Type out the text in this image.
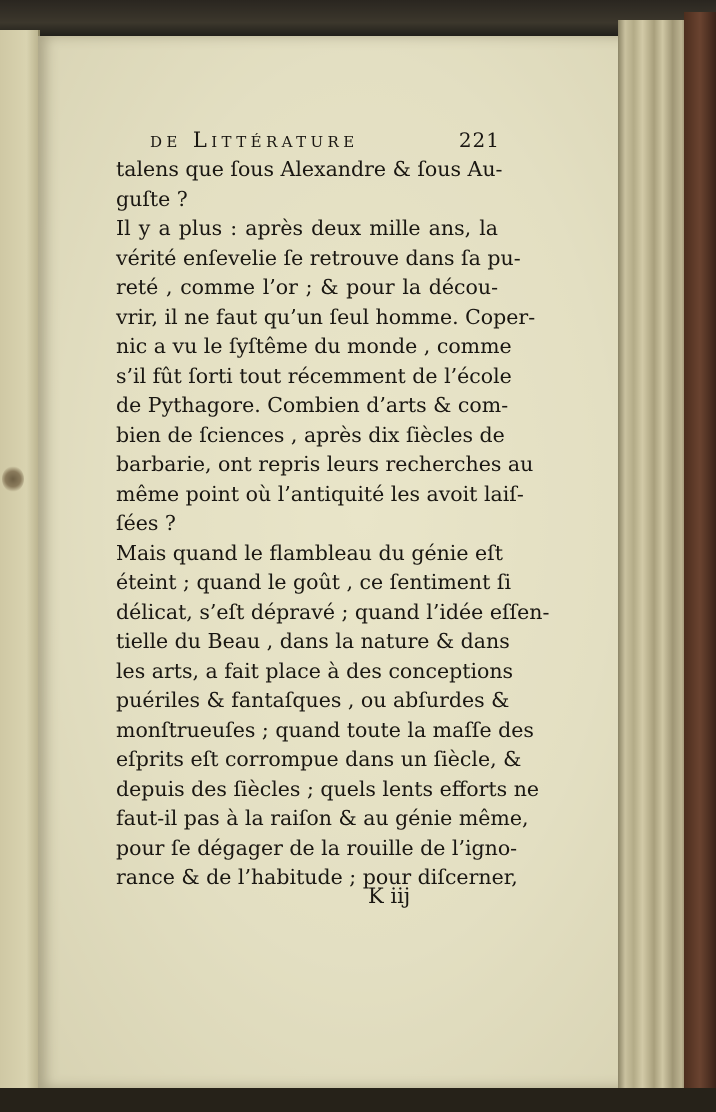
de Littérature	221
talens que ſous Alexandre & ſous Au-
guſte ?
Il y a plus : après deux mille ans, la
vérité enſevelie ſe retrouve dans ſa pu-
reté , comme l’or ; & pour la décou-
vrir, il ne faut qu’un ſeul homme. Coper-
nic a vu le ſyſtême du monde , comme
s’il fût ſorti tout récemment de l’école
de Pythagore. Combien d’arts & com-
bien de ſciences , après dix ſiècles de
barbarie, ont repris leurs recherches au
même point où l’antiquité les avoit laiſ-
ſées ?
Mais quand le flambleau du génie eſt
éteint ; quand le goût , ce ſentiment ſi
délicat, s’eſt dépravé ; quand l’idée eſſen-
tielle du Beau , dans la nature & dans
les arts, a fait place à des conceptions
puériles & fantaſques , ou abſurdes &
monſtrueuſes ; quand toute la maſſe des
eſprits eſt corrompue dans un ſiècle, &
depuis des ſiècles ; quels lents efforts ne
faut-il pas à la raiſon & au génie même,
pour ſe dégager de la rouille de l’igno-
rance & de l’habitude ; pour diſcerner,
K iij
